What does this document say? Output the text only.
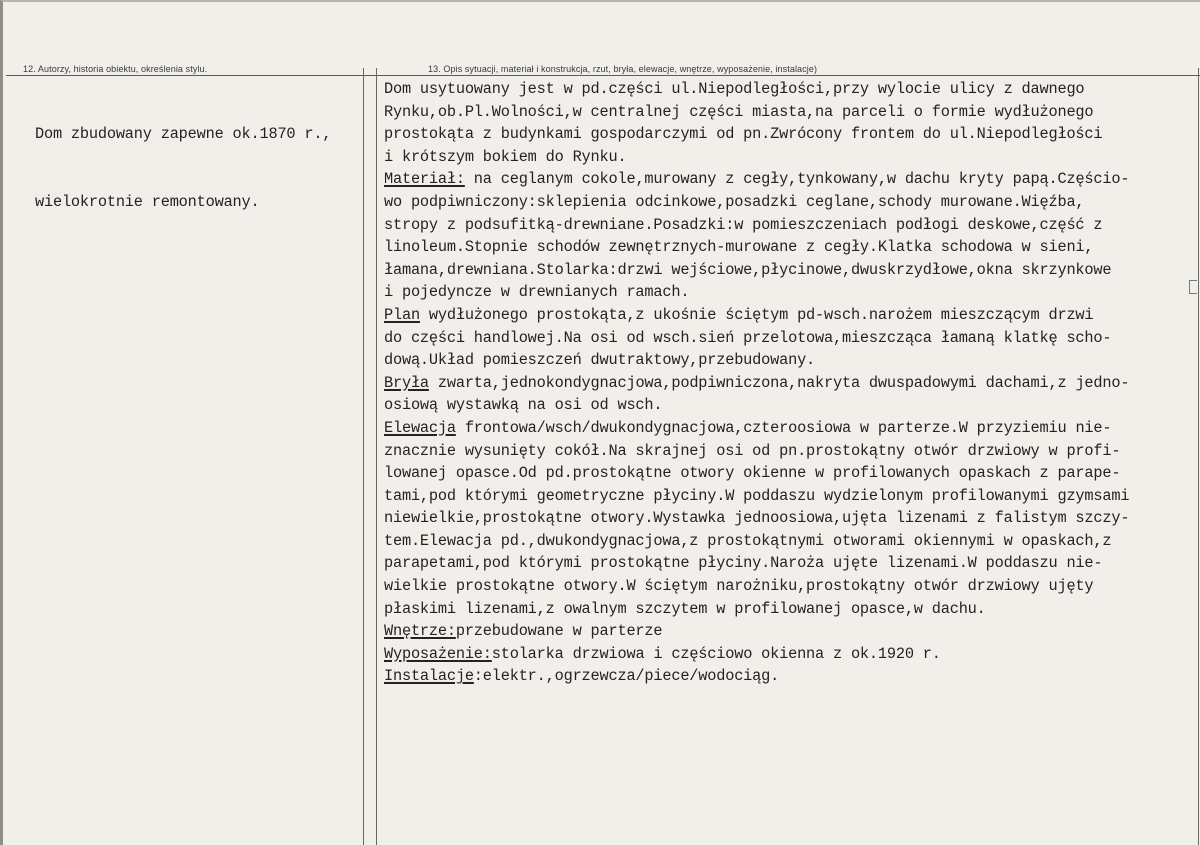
12. Autorzy, historia obiektu, określenia stylu.	13. Opis sytuacji, materiał i konstrukcja, rzut, bryła, elewacje, wnętrze, wyposażenie, instalacje)

Dom zbudowany zapewne ok.1870 r.,

wielokrotnie remontowany.

Dom usytuowany jest w pd.części ul.Niepodległości,przy wylocie ulicy z dawnego
Rynku,ob.Pl.Wolności,w centralnej części miasta,na parceli o formie wydłużonego
prostokąta z budynkami gospodarczymi od pn.Zwrócony frontem do ul.Niepodległości
i krótszym bokiem do Rynku.
Materiał: na ceglanym cokole,murowany z cegły,tynkowany,w dachu kryty papą.Częścio-
wo podpiwniczony:sklepienia odcinkowe,posadzki ceglane,schody murowane.Więźba,
stropy z podsufitką-drewniane.Posadzki:w pomieszczeniach podłogi deskowe,część z
linoleum.Stopnie schodów zewnętrznych-murowane z cegły.Klatka schodowa w sieni,
łamana,drewniana.Stolarka:drzwi wejściowe,płycinowe,dwuskrzydłowe,okna skrzynkowe
i pojedyncze w drewnianych ramach.
Plan wydłużonego prostokąta,z ukośnie ściętym pd-wsch.narożem mieszczącym drzwi
do części handlowej.Na osi od wsch.sień przelotowa,mieszcząca łamaną klatkę scho-
dową.Układ pomieszczeń dwutraktowy,przebudowany.
Bryła zwarta,jednokondygnacjowa,podpiwniczona,nakryta dwuspadowymi dachami,z jedno-
osiową wystawką na osi od wsch.
Elewacja frontowa/wsch/dwukondygnacjowa,czteroosiowa w parterze.W przyziemiu nie-
znacznie wysunięty cokół.Na skrajnej osi od pn.prostokątny otwór drzwiowy w profi-
lowanej opasce.Od pd.prostokątne otwory okienne w profilowanych opaskach z parape-
tami,pod którymi geometryczne płyciny.W poddaszu wydzielonym profilowanymi gzymsami
niewielkie,prostokątne otwory.Wystawka jednoosiowa,ujęta lizenami z falistym szczy-
tem.Elewacja pd.,dwukondygnacjowa,z prostokątnymi otworami okiennymi w opaskach,z
parapetami,pod którymi prostokątne płyciny.Naroża ujęte lizenami.W poddaszu nie-
wielkie prostokątne otwory.W ściętym narożniku,prostokątny otwór drzwiowy ujęty
płaskimi lizenami,z owalnym szczytem w profilowanej opasce,w dachu.
Wnętrze:przebudowane w parterze
Wyposażenie:stolarka drzwiowa i częściowo okienna z ok.1920 r.
Instalacje:elektr.,ogrzewcza/piece/wodociąg.
